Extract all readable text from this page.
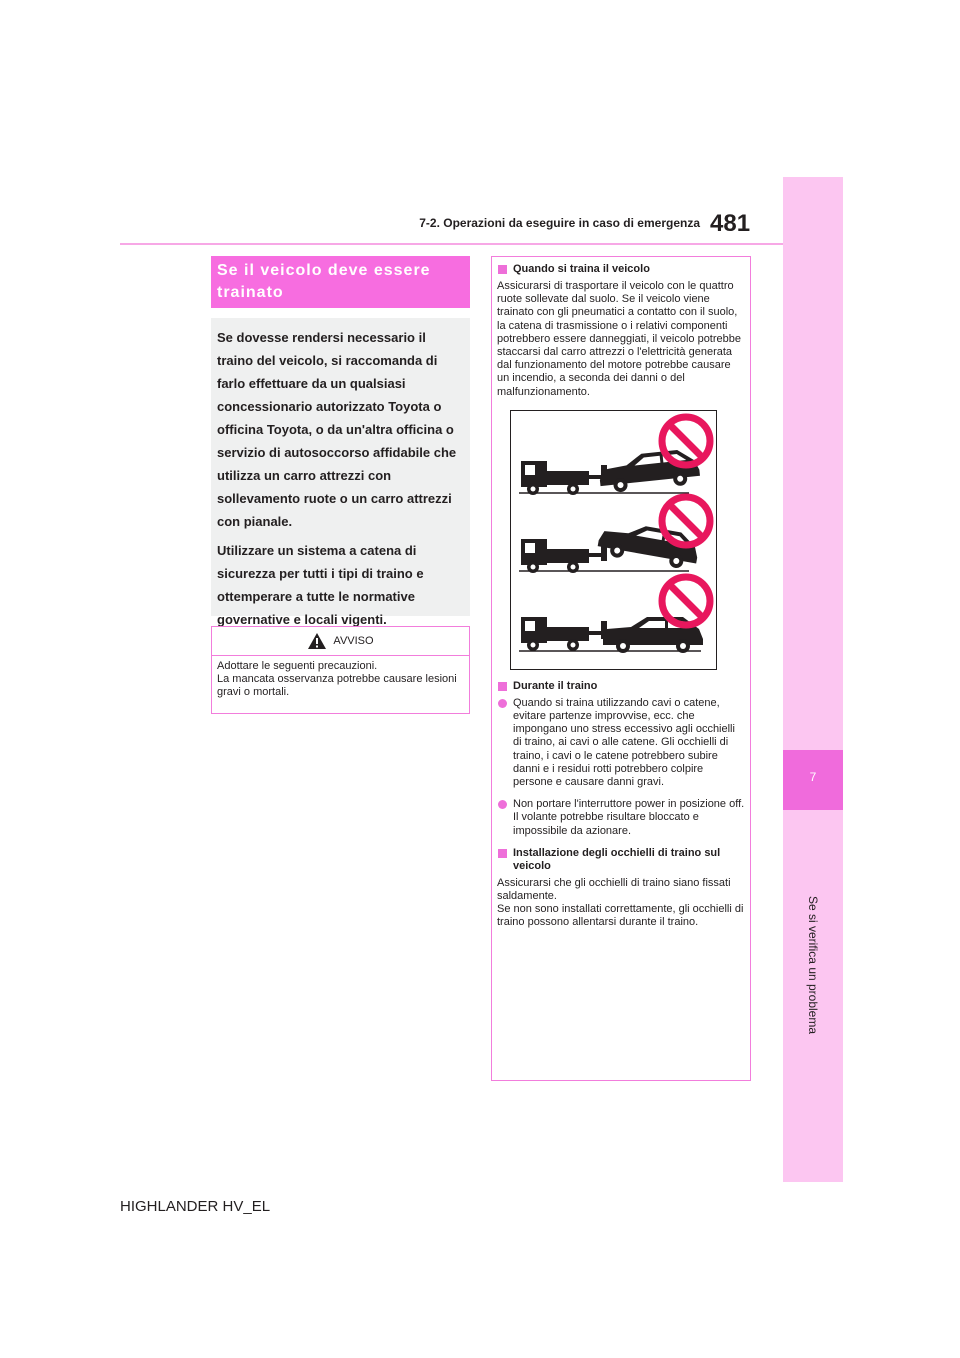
7-2. Operazioni da eseguire in caso di emergenza 481
7
Se si verifica un problema
Se il veicolo deve essere trainato

Se dovesse rendersi necessario il traino del veicolo, si raccomanda di farlo effettuare da un qualsiasi concessionario autorizzato Toyota o officina Toyota, o da un'altra officina o servizio di autosoccorso affidabile che utilizza un carro attrezzi con sollevamento ruote o un carro attrezzi con pianale.

Utilizzare un sistema a catena di sicurezza per tutti i tipi di traino e ottemperare a tutte le normative governative e locali vigenti.

AVVISO
Adottare le seguenti precauzioni.
La mancata osservanza potrebbe causare lesioni gravi o mortali.
Quando si traina il veicolo
Assicurarsi di trasportare il veicolo con le quattro ruote sollevate dal suolo. Se il veicolo viene trainato con gli pneumatici a contatto con il suolo, la catena di trasmissione o i relativi componenti potrebbero essere danneggiati, il veicolo potrebbe staccarsi dal carro attrezzi o l'elettricità generata dal funzionamento del motore potrebbe causare un incendio, a seconda dei danni o del malfunzionamento.
Durante il traino
Quando si traina utilizzando cavi o catene, evitare partenze improvvise, ecc. che impongano uno stress eccessivo agli occhielli di traino, ai cavi o alle catene. Gli occhielli di traino, i cavi o le catene potrebbero subire danni e i residui rotti potrebbero colpire persone e causare danni gravi.
Non portare l'interruttore power in posizione off.
Il volante potrebbe risultare bloccato e impossibile da azionare.
Installazione degli occhielli di traino sul veicolo
Assicurarsi che gli occhielli di traino siano fissati saldamente.
Se non sono installati correttamente, gli occhielli di traino possono allentarsi durante il traino.
HIGHLANDER HV_EL
